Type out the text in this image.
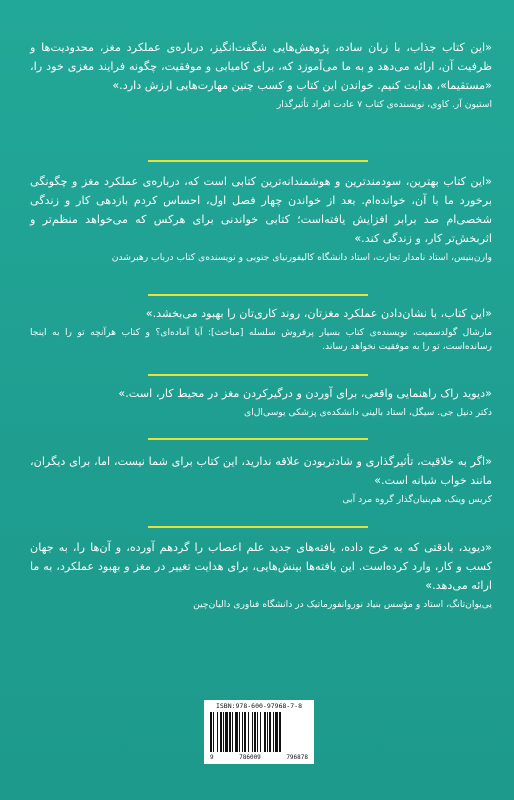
«این کتاب جذاب، با زبان ساده، پژوهش‌هایی شگفت‌انگیز، درباره‌ی عملکرد مغز، محدودیت‌ها و ظرفیت آن، ارائه می‌دهد و به ما می‌آموزد که، برای کامیابی و موفقیت، چگونه فرایند مغزی خود را، «مستقیما»، هدایت کنیم. خواندن این کتاب و کسب چنین مهارت‌هایی ارزش دارد.»

استیون آر. کاوی، نویسنده‌ی کتاب ۷ عادت افراد تأثیرگذار

«این کتاب بهترین، سودمندترین و هوشمندانه‌ترین کتابی است که، درباره‌ی عملکرد مغز و چگونگی برخورد ما با آن، خوانده‌ام. بعد از خواندن چهار فصل اول، احساس کردم بازدهی کار و زندگی شخصی‌ام صد برابر افزایش یافته‌است؛ کتابی خواندنی برای هرکس که می‌خواهد منظم‌تر و اثربخش‌تر کار، و زندگی کند.»

وارن‌بنیس، استاد نامدار تجارت، استاد دانشگاه کالیفورنیای جنوبی و نویسنده‌ی کتاب درباب رهبرشدن

«این کتاب، با نشان‌دادن عملکرد مغزتان، روند کاری‌تان را بهبود می‌بخشد.»

مارشال گولدسمیت، نویسنده‌ی کتاب بسیار پرفروش سلسله [مباحث]: آیا آماده‌ای؟ و کتاب هرآنچه تو را به اینجا رسانده‌است، تو را به موفقیت نخواهد رساند.

«دیوید راک راهنمایی واقعی، برای آوردن و درگیرکردن مغز در محیط کار، است.»

دکتر دنیل جی. سیگل، استاد بالینی دانشکده‌ی پزشکی یوسی‌ال‌ای

«اگر به خلاقیت، تأثیرگذاری و شادتربودن علاقه ندارید، این کتاب برای شما نیست، اما، برای دیگران، مانند خواب شبانه است.»

کریس وینک، هم‌بنیان‌گذار گروه مرد آبی

«دیوید، بادقتی که به خرج داده، یافته‌های جدید علم اعصاب را گردهم آورده، و آن‌ها را، به جهان کسب و کار، وارد کرده‌است. این یافته‌ها بینش‌هایی، برای هدایت تغییر در مغز و بهبود عملکرد، به ما ارائه می‌دهد.»

یی‌یوان‌تانگ، استاد و مؤسس بنیاد نوروانفورماتیک در دانشگاه فناوری دالیان‌چین

ISBN:978-600-97968-7-8
9	786009	796878
